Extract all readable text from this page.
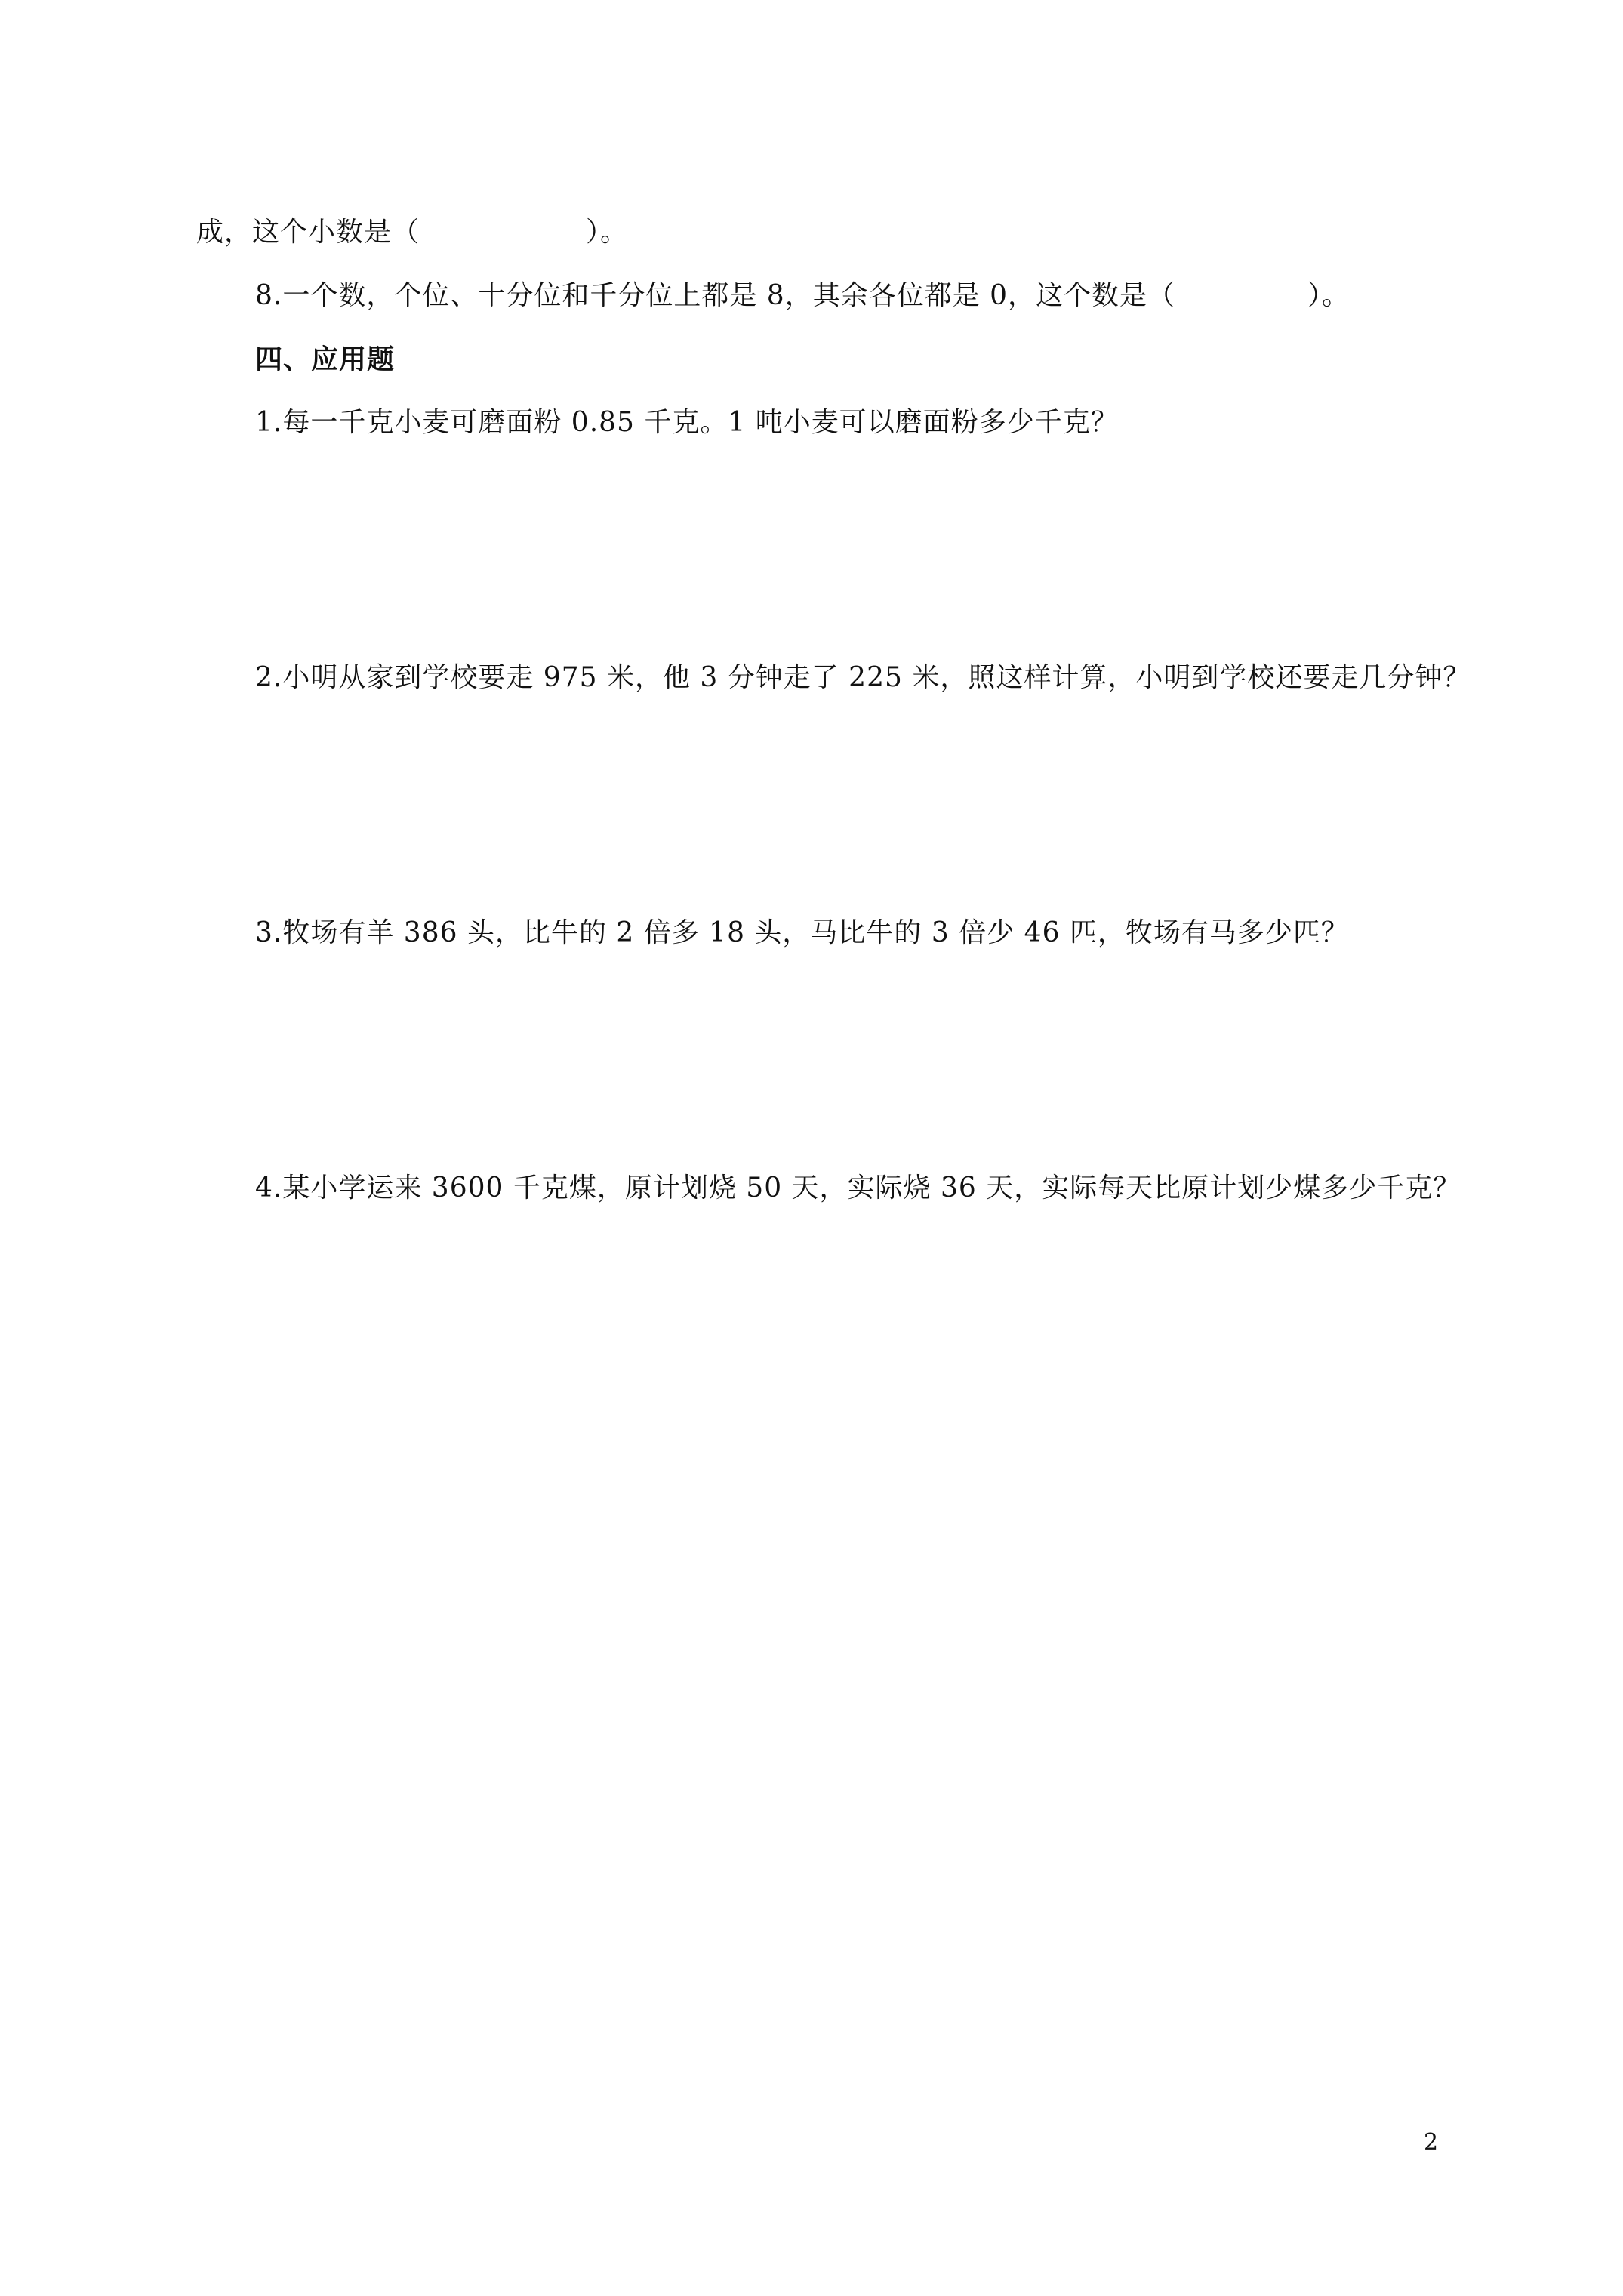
成，这个小数是（	）。
8.一个数，个位、十分位和千分位上都是 8，其余各位都是 0，这个数是（	）。
四、应用题
1.每一千克小麦可磨面粉 0.85 千克。1 吨小麦可以磨面粉多少千克？
2.小明从家到学校要走 975 米，他 3 分钟走了 225 米，照这样计算，小明到学校还要走几分钟？
3.牧场有羊 386 头，比牛的 2 倍多 18 头，马比牛的 3 倍少 46 匹，牧场有马多少匹？
4.某小学运来 3600 千克煤，原计划烧 50 天，实际烧 36 天，实际每天比原计划少煤多少千克？
2
